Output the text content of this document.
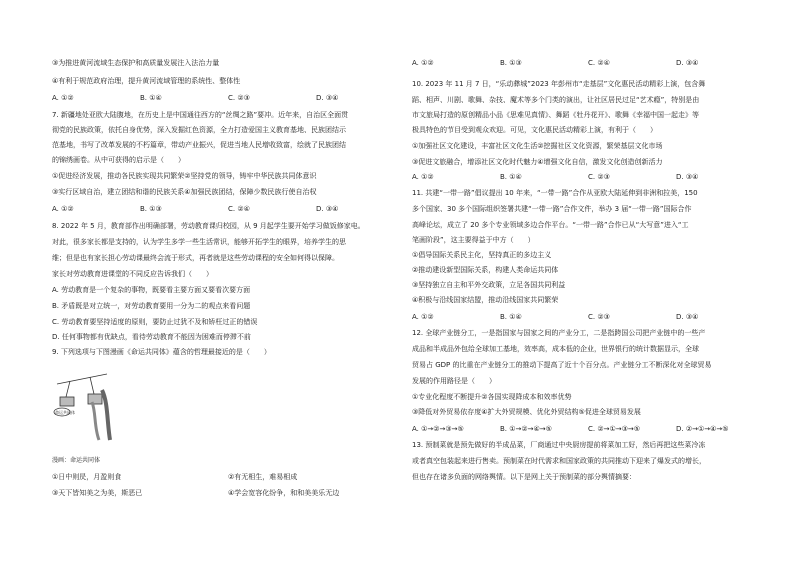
③为推进黄河流域生态保护和高质量发展注入法治力量
④有利于规范政府治理，提升黄河流域管理的系统性、整体性
A. ①②	B. ①④	C. ②③	D. ③④
7. 新疆地处亚欧大陆腹地，在历史上是中国通往西方的“丝绸之路”要冲。近年来，自治区全面贯
彻党的民族政策，依托自身优势，深入发掘红色资源，全力打造爱国主义教育基地、民族团结示
范基地，书写了改革发展的不朽篇章，带动产业振兴，促进当地人民增收致富，绘就了民族团结
的锦绣画卷。从中可获得的启示是（　　）
①促进经济发展，推动各民族实现共同繁荣②坚持党的领导，铸牢中华民族共同体意识
③实行区域自治，建立团结和谐的民族关系④加强民族团结，保障少数民族行使自治权
A. ①②	B. ①③	C. ②④	D. ③④
8. 2022 年 5 月，教育部作出明确部署，劳动教育课归校园，从 9 月起学生要开始学习做饭修家电。
对此，很多家长都是支持的，认为学生多学一些生活常识，能够开拓学生的眼界，培养学生的思
维；但是也有家长担心劳动课最终会流于形式，再者就是这些劳动课程的安全如何得以保障。
家长对劳动教育进课堂的不同反应告诉我们（　　）
A. 劳动教育是一个复杂的事物，既要看主要方面又要看次要方面
B. 矛盾既是对立统一，对劳动教育要用一分为二的观点来看问题
C. 劳动教育要坚持适度的原则，要防止过犹不及和矫枉过正的错误
D. 任何事物都有优缺点，看待劳动教育不能因为困难而停滞不前
9. 下列选项与下图漫画《命运共同体》蕴含的哲理最接近的是（　　）
命运共同体
漫画：命运共同体
①日中则昃，月盈则食	②有无相生，难易相成
③天下皆知美之为美，斯恶已	④学会宽容化纷争，和和美美乐无边
A. ①②	B. ①③	C. ②④	D. ③④
10. 2023 年 11 月 7 日，“乐动彝城”2023 年彭州市“走基层”文化惠民活动精彩上演，包含舞
蹈、相声、川剧、歌舞、杂技、魔术等多个门类的演出，让社区居民过足“艺术瘾”，特别是由
市文旅局打造的原创精品小品《思难见真情》、舞蹈《牡丹花开》、歌舞《幸福中国一起走》等
极具特色的节目受到观众欢迎。可见，文化惠民活动精彩上演，有利于（　　）
①加强社区文化建设，丰富社区文化生活②挖掘社区文化资源，繁荣基层文化市场
③促进文旅融合，增添社区文化时代魅力④增强文化自信，激发文化创造创新活力
A. ①②	B. ①④	C. ②③	D. ③④
11. 共建“一带一路”倡议提出 10 年来，“一带一路”合作从亚欧大陆延伸到非洲和拉美，150
多个国家、30 多个国际组织签署共建“一带一路”合作文件，举办 3 届“一带一路”国际合作
高峰论坛，成立了 20 多个专业领域多边合作平台。“一带一路”合作已从“大写意”进入“工
笔画阶段”，这主要得益于中方（　　）
①倡导国际关系民主化，坚持真正的多边主义
②推动建设新型国际关系，构建人类命运共同体
③坚持独立自主和平外交政策，立足各国共同利益
④积极与沿线国家结盟，推动沿线国家共同繁荣
A. ①②	B. ①④	C. ②③	D. ③④
12. 全球产业链分工，一是指国家与国家之间的产业分工，二是指跨国公司把产业链中的一些产
成品和半成品外包给全球加工基地，效率高，成本低的企业，世界银行的统计数据显示，全球
贸易占 GDP 的比重在产业链分工的推动下提高了近十个百分点。产业链分工不断深化对全球贸易
发展的作用路径是（　　）
①专业化程度不断提升②各国实现降成本和效率优势
③降低对外贸易依存度④扩大外贸规模、优化外贸结构⑤促进全球贸易发展
A. ①→②→③→⑤	B. ①→②→④→⑤	C. ②→①→③→⑤	D. ②→①→④→⑤
13. 预制菜就是预先做好的半成品菜，厂商通过中央厨房提前将菜加工好，然后再把这些菜冷冻
或者真空包装起来进行售卖。预制菜在时代需求和国家政策的共同推动下迎来了爆发式的增长，
但也存在诸多负面的网络舆情。以下是网上关于预制菜的部分舆情摘要：
